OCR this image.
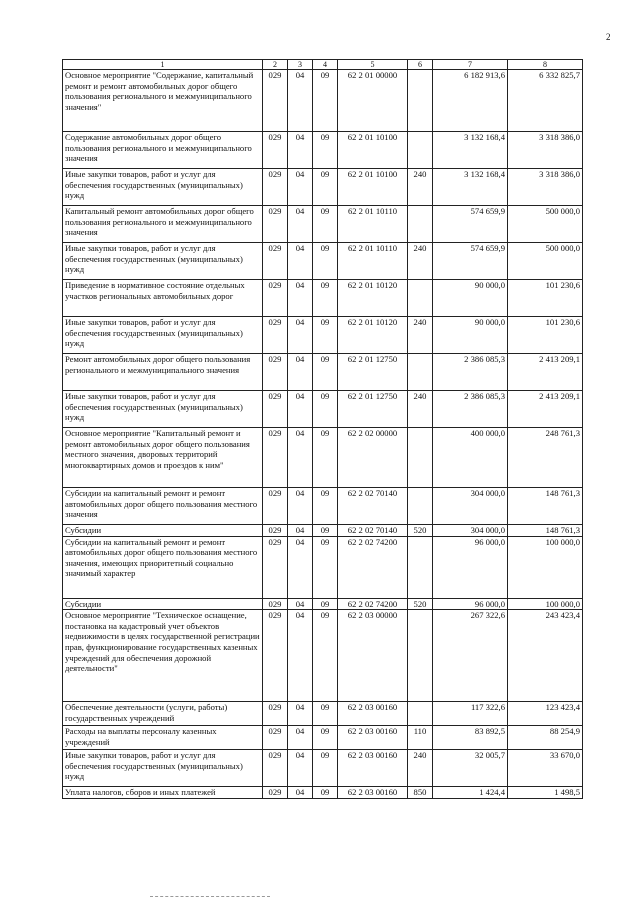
2
1	2	3	4	5	6	7	8
Основное мероприятие "Содержание, капитальный ремонт и ремонт автомобильных дорог общего пользования регионального и межмуниципального значения"	029	04	09	62 2 01 00000		6 182 913,6	6 332 825,7
Содержание автомобильных дорог общего пользования регионального и межмуниципального значения	029	04	09	62 2 01 10100		3 132 168,4	3 318 386,0
Иные закупки товаров, работ и услуг для обеспечения государственных (муниципальных) нужд	029	04	09	62 2 01 10100	240	3 132 168,4	3 318 386,0
Капитальный ремонт автомобильных дорог общего пользования регионального и межмуниципального значения	029	04	09	62 2 01 10110		574 659,9	500 000,0
Иные закупки товаров, работ и услуг для обеспечения государственных (муниципальных) нужд	029	04	09	62 2 01 10110	240	574 659,9	500 000,0
Приведение в нормативное состояние отдельных участков региональных автомобильных дорог	029	04	09	62 2 01 10120		90 000,0	101 230,6
Иные закупки товаров, работ и услуг для обеспечения государственных (муниципальных) нужд	029	04	09	62 2 01 10120	240	90 000,0	101 230,6
Ремонт автомобильных дорог общего пользования регионального и межмуниципального значения	029	04	09	62 2 01 12750		2 386 085,3	2 413 209,1
Иные закупки товаров, работ и услуг для обеспечения государственных (муниципальных) нужд	029	04	09	62 2 01 12750	240	2 386 085,3	2 413 209,1
Основное мероприятие "Капитальный ремонт и ремонт автомобильных дорог общего пользования местного значения, дворовых территорий многоквартирных домов и проездов к ним"	029	04	09	62 2 02 00000		400 000,0	248 761,3
Субсидии на капитальный ремонт и ремонт автомобильных дорог общего пользования местного значения	029	04	09	62 2 02 70140		304 000,0	148 761,3
Субсидии	029	04	09	62 2 02 70140	520	304 000,0	148 761,3
Субсидии на капитальный ремонт и ремонт автомобильных дорог общего пользования местного значения, имеющих приоритетный социально значимый характер	029	04	09	62 2 02 74200		96 000,0	100 000,0
Субсидии	029	04	09	62 2 02 74200	520	96 000,0	100 000,0
Основное мероприятие "Техническое оснащение, постановка на кадастровый учет объектов недвижимости в целях государственной регистрации прав, функционирование государственных казенных учреждений для обеспечения дорожной деятельности"	029	04	09	62 2 03 00000		267 322,6	243 423,4
Обеспечение деятельности (услуги, работы) государственных учреждений	029	04	09	62 2 03 00160		117 322,6	123 423,4
Расходы на выплаты персоналу казенных учреждений	029	04	09	62 2 03 00160	110	83 892,5	88 254,9
Иные закупки товаров, работ и услуг для обеспечения государственных (муниципальных) нужд	029	04	09	62 2 03 00160	240	32 005,7	33 670,0
Уплата налогов, сборов и иных платежей	029	04	09	62 2 03 00160	850	1 424,4	1 498,5
